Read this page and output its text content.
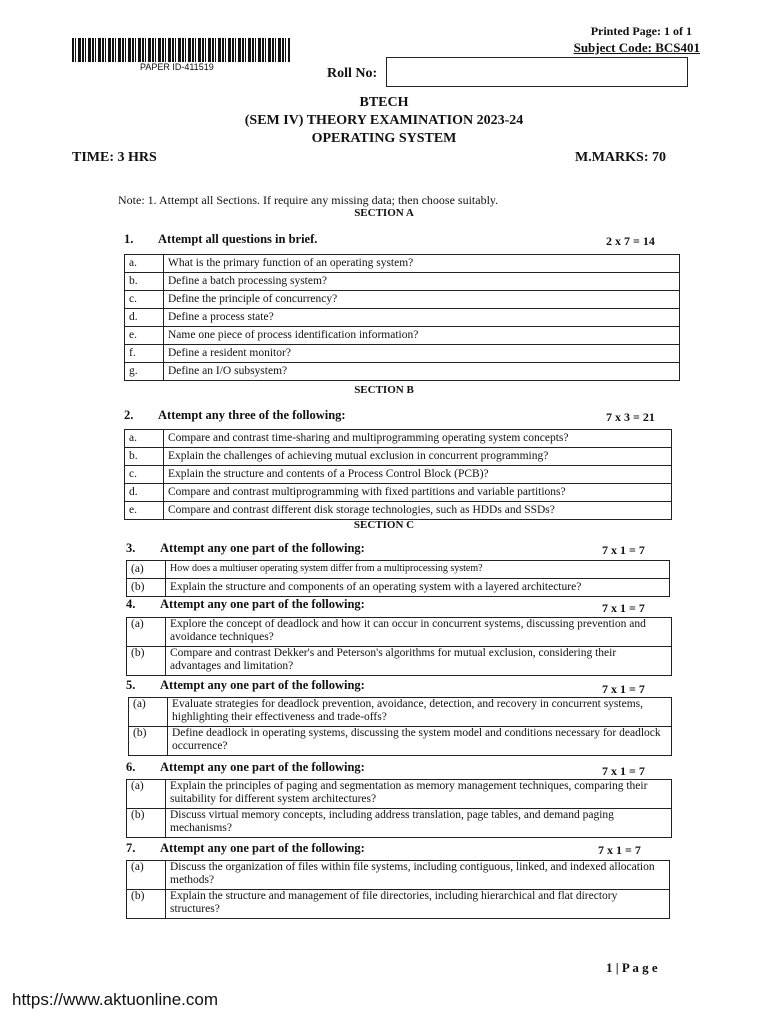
PAPER ID-411519
Printed Page: 1 of 1
Subject Code: BCS401
Roll No:
BTECH
(SEM IV) THEORY EXAMINATION 2023-24
OPERATING SYSTEM
TIME: 3 HRS	M.MARKS: 70
Note: 1. Attempt all Sections. If require any missing data; then choose suitably.
SECTION A
1. Attempt all questions in brief.	2 x 7 = 14
a.	What is the primary function of an operating system?
b.	Define a batch processing system?
c.	Define the principle of concurrency?
d.	Define a process state?
e.	Name one piece of process identification information?
f.	Define a resident monitor?
g.	Define an I/O subsystem?
SECTION B
2. Attempt any three of the following:	7 x 3 = 21
a.	Compare and contrast time-sharing and multiprogramming operating system concepts?
b.	Explain the challenges of achieving mutual exclusion in concurrent programming?
c.	Explain the structure and contents of a Process Control Block (PCB)?
d.	Compare and contrast multiprogramming with fixed partitions and variable partitions?
e.	Compare and contrast different disk storage technologies, such as HDDs and SSDs?
SECTION C
3. Attempt any one part of the following:	7 x 1 = 7
(a)	How does a multiuser operating system differ from a multiprocessing system?
(b)	Explain the structure and components of an operating system with a layered architecture?
4. Attempt any one part of the following:	7 x 1 = 7
(a)	Explore the concept of deadlock and how it can occur in concurrent systems, discussing prevention and avoidance techniques?
(b)	Compare and contrast Dekker's and Peterson's algorithms for mutual exclusion, considering their advantages and limitation?
5. Attempt any one part of the following:	7 x 1 = 7
(a)	Evaluate strategies for deadlock prevention, avoidance, detection, and recovery in concurrent systems, highlighting their effectiveness and trade-offs?
(b)	Define deadlock in operating systems, discussing the system model and conditions necessary for deadlock occurrence?
6. Attempt any one part of the following:	7 x 1 = 7
(a)	Explain the principles of paging and segmentation as memory management techniques, comparing their suitability for different system architectures?
(b)	Discuss virtual memory concepts, including address translation, page tables, and demand paging mechanisms?
7. Attempt any one part of the following:	7 x 1 = 7
(a)	Discuss the organization of files within file systems, including contiguous, linked, and indexed allocation methods?
(b)	Explain the structure and management of file directories, including hierarchical and flat directory structures?
1 | P a g e
https://www.aktuonline.com
